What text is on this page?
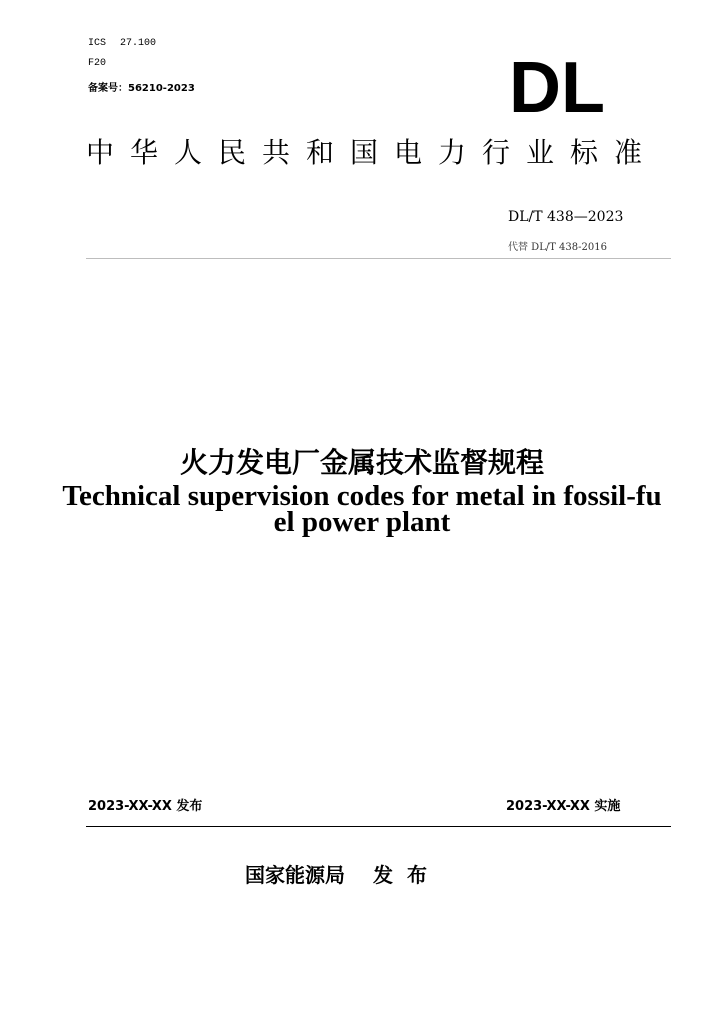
ICS 27.100
F20
备案号：56210-2023	DL
中华人民共和国电力行业标准
DL/T 438—2023
代替 DL/T 438-2016
火力发电厂金属技术监督规程
Technical supervision codes for metal in fossil-fuel power plant
2023-XX-XX 发布	2023-XX-XX 实施
国家能源局 发布
